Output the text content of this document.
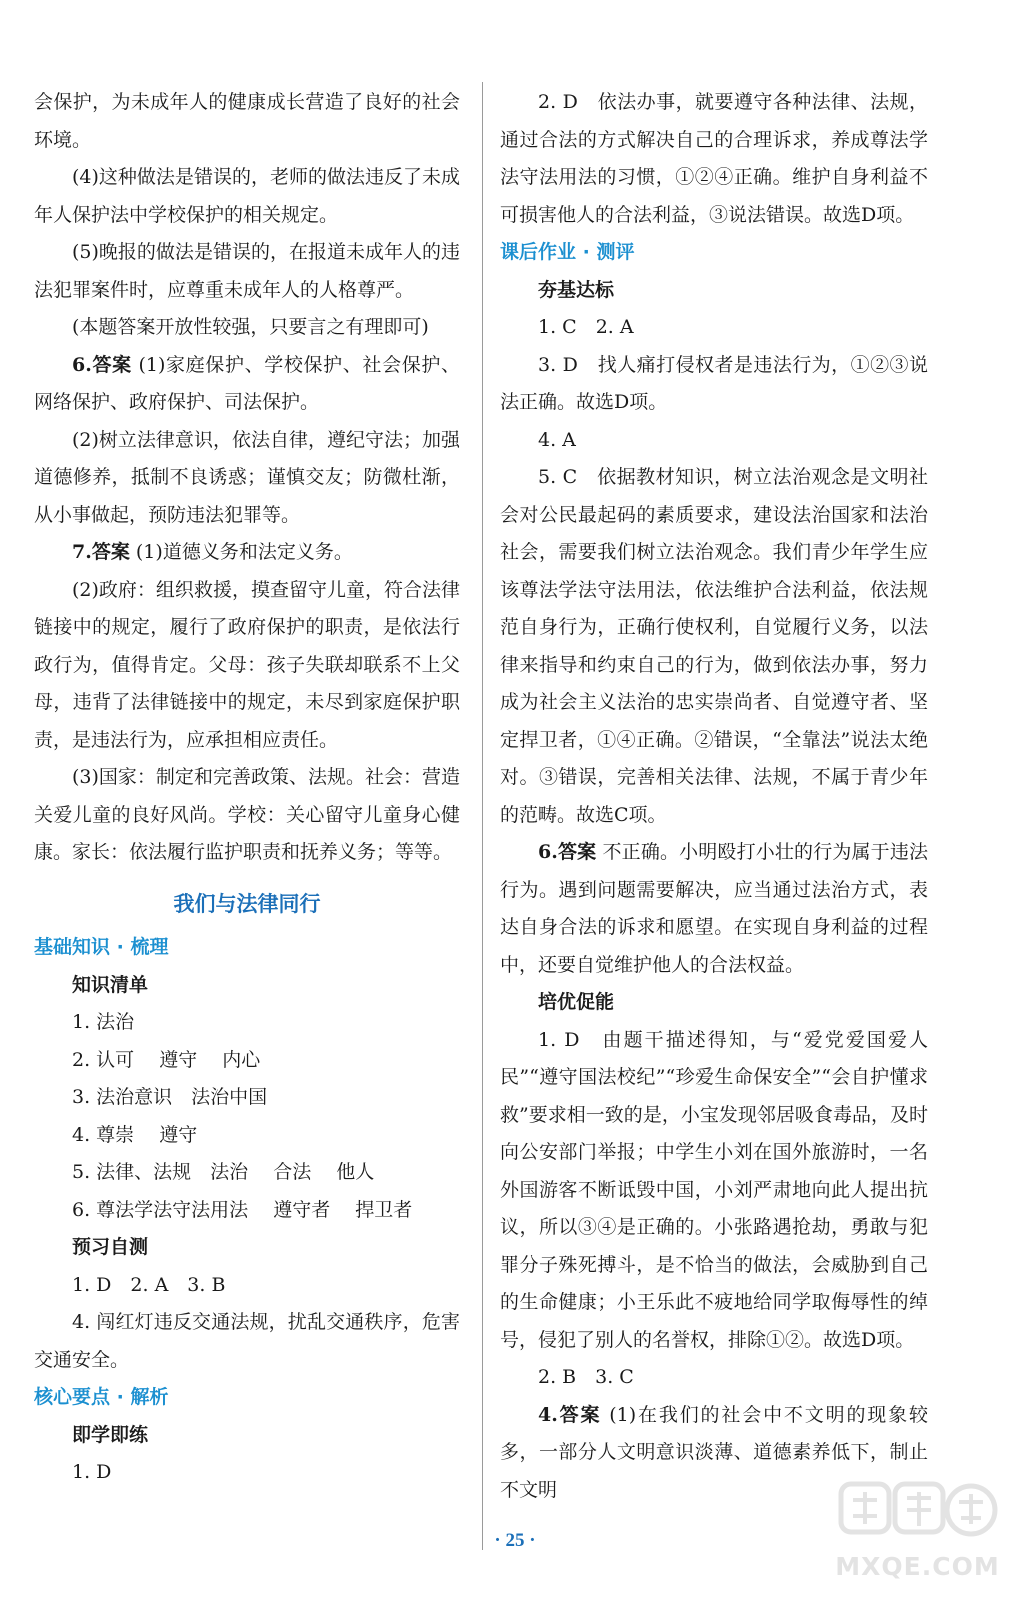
会保护，为未成年人的健康成长营造了良好的社会环境。

(4)这种做法是错误的，老师的做法违反了未成年人保护法中学校保护的相关规定。

(5)晚报的做法是错误的，在报道未成年人的违法犯罪案件时，应尊重未成年人的人格尊严。

(本题答案开放性较强，只要言之有理即可)

6.答案 (1)家庭保护、学校保护、社会保护、网络保护、政府保护、司法保护。

(2)树立法律意识，依法自律，遵纪守法；加强道德修养，抵制不良诱惑；谨慎交友；防微杜渐，从小事做起，预防违法犯罪等。

7.答案 (1)道德义务和法定义务。

(2)政府：组织救援，摸查留守儿童，符合法律链接中的规定，履行了政府保护的职责，是依法行政行为，值得肯定。父母：孩子失联却联系不上父母，违背了法律链接中的规定，未尽到家庭保护职责，是违法行为，应承担相应责任。

(3)国家：制定和完善政策、法规。社会：营造关爱儿童的良好风尚。学校：关心留守儿童身心健康。家长：依法履行监护职责和抚养义务；等等。

我们与法律同行
基础知识 · 梳理
知识清单

1. 法治

2. 认可　 遵守　 内心

3. 法治意识　法治中国

4. 尊崇　 遵守

5. 法律、法规　法治　 合法　 他人

6. 尊法学法守法用法　 遵守者　 捍卫者

预习自测

1. D　2. A　3. B

4. 闯红灯违反交通法规，扰乱交通秩序，危害交通安全。

核心要点 · 解析
即学即练

1. D

2. D　依法办事，就要遵守各种法律、法规，通过合法的方式解决自己的合理诉求，养成尊法学法守法用法的习惯，①②④正确。维护自身利益不可损害他人的合法利益，③说法错误。故选D项。

课后作业 · 测评
夯基达标

1. C　2. A

3. D　找人痛打侵权者是违法行为，①②③说法正确。故选D项。

4. A

5. C　依据教材知识，树立法治观念是文明社会对公民最起码的素质要求，建设法治国家和法治社会，需要我们树立法治观念。我们青少年学生应该尊法学法守法用法，依法维护合法利益，依法规范自身行为，正确行使权利，自觉履行义务，以法律来指导和约束自己的行为，做到依法办事，努力成为社会主义法治的忠实崇尚者、自觉遵守者、坚定捍卫者，①④正确。②错误，“全靠法”说法太绝对。③错误，完善相关法律、法规，不属于青少年的范畴。故选C项。

6.答案 不正确。小明殴打小壮的行为属于违法行为。遇到问题需要解决，应当通过法治方式，表达自身合法的诉求和愿望。在实现自身利益的过程中，还要自觉维护他人的合法权益。

培优促能

1. D　由题干描述得知，与“爱党爱国爱人民”“遵守国法校纪”“珍爱生命保安全”“会自护懂求救”要求相一致的是，小宝发现邻居吸食毒品，及时向公安部门举报；中学生小刘在国外旅游时，一名外国游客不断诋毁中国，小刘严肃地向此人提出抗议，所以③④是正确的。小张路遇抢劫，勇敢与犯罪分子殊死搏斗，是不恰当的做法，会威胁到自己的生命健康；小王乐此不疲地给同学取侮辱性的绰号，侵犯了别人的名誉权，排除①②。故选D项。

2. B　3. C

4.答案 (1)在我们的社会中不文明的现象较多，一部分人文明意识淡薄、道德素养低下，制止不文明

· 25 ·
MXQE.COM
